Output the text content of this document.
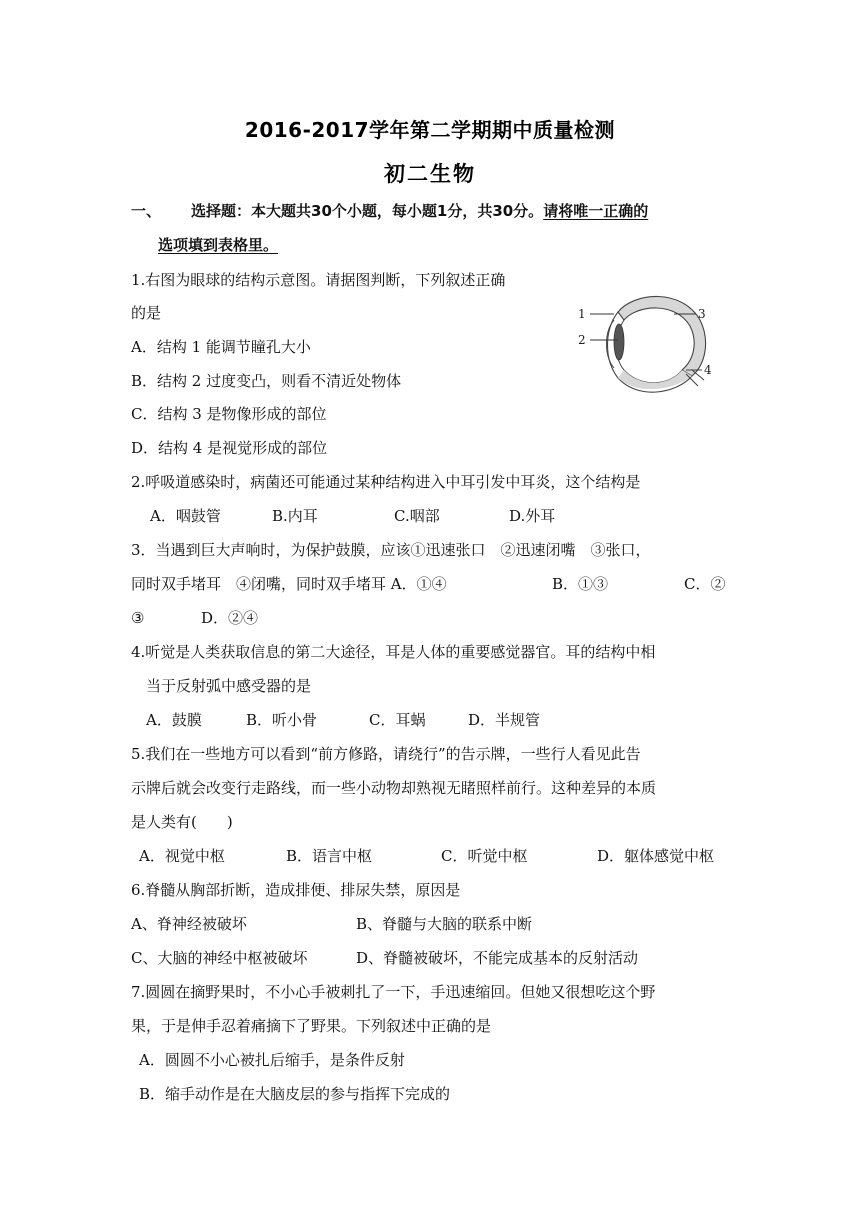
2016-2017学年第二学期期中质量检测
初二生物
一、 选择题：本大题共30个小题，每小题1分，共30分。请将唯一正确的
选项填到表格里。
1.右图为眼球的结构示意图。请据图判断，下列叙述正确
的是
A．结构 1 能调节瞳孔大小
B．结构 2 过度变凸，则看不清近处物体
C．结构 3 是物像形成的部位
D．结构 4 是视觉形成的部位
1
2
3
4
2.呼吸道感染时，病菌还可能通过某种结构进入中耳引发中耳炎，这个结构是
A．咽鼓管	B.内耳	C.咽部	D.外耳
3．当遇到巨大声响时，为保护鼓膜，应该①迅速张口　②迅速闭嘴　③张口，
同时双手堵耳　④闭嘴，同时双手堵耳 A．①④	B．①③	C．②
③	D．②④
4.听觉是人类获取信息的第二大途径，耳是人体的重要感觉器官。耳的结构中相
当于反射弧中感受器的是
A．鼓膜	B．听小骨	C．耳蜗	D．半规管
5.我们在一些地方可以看到“前方修路，请绕行”的告示牌，一些行人看见此告
示牌后就会改变行走路线，而一些小动物却熟视无睹照样前行。这种差异的本质
是人类有(　　)
A．视觉中枢	B．语言中枢	C．听觉中枢	D．躯体感觉中枢
6.脊髓从胸部折断，造成排便、排尿失禁，原因是
A、脊神经被破坏	B、脊髓与大脑的联系中断
C、大脑的神经中枢被破坏	D、脊髓被破坏，不能完成基本的反射活动
7.圆圆在摘野果时，不小心手被刺扎了一下，手迅速缩回。但她又很想吃这个野
果，于是伸手忍着痛摘下了野果。下列叙述中正确的是
A．圆圆不小心被扎后缩手，是条件反射
B．缩手动作是在大脑皮层的参与指挥下完成的
